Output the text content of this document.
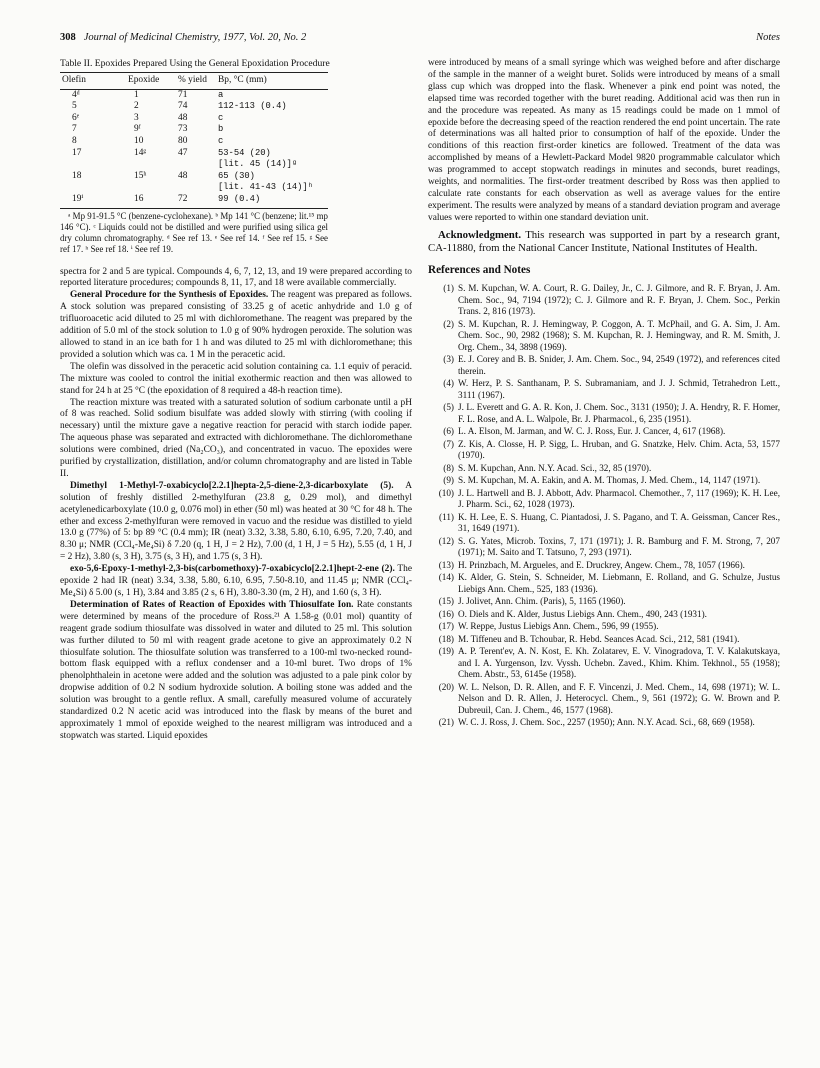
308 Journal of Medicinal Chemistry, 1977, Vol. 20, No. 2	Notes
Table II. Epoxides Prepared Using the General Epoxidation Procedure
Olefin	Epoxide	% yield	Bp, °C (mm)
4ᵈ	1	71	a
5	2	74	112-113 (0.4)
6ᵉ	3	48	c
7	9ᶠ	73	b
8	10	80	c
17	14ᵍ	47	53-54 (20)
			[lit. 45 (14)]ᵍ
18	15ʰ	48	65 (30)
			[lit. 41-43 (14)]ʰ
19ⁱ	16	72	99 (0.4)
ᵃ Mp 91-91.5 °C (benzene-cyclohexane). ᵇ Mp 141 °C (benzene; lit.¹⁵ mp 146 °C). ᶜ Liquids could not be distilled and were purified using silica gel dry column chromatography. ᵈ See ref 13. ᵉ See ref 14. ᶠ See ref 15. ᵍ See ref 17. ʰ See ref 18. ⁱ See ref 19.

spectra for 2 and 5 are typical. Compounds 4, 6, 7, 12, 13, and 19 were prepared according to reported literature procedures; compounds 8, 11, 17, and 18 were available commercially.

General Procedure for the Synthesis of Epoxides. The reagent was prepared as follows. A stock solution was prepared consisting of 33.25 g of acetic anhydride and 1.0 g of trifluoroacetic acid diluted to 25 ml with dichloromethane. The reagent was prepared by the addition of 5.0 ml of the stock solution to 1.0 g of 90% hydrogen peroxide. The solution was allowed to stand in an ice bath for 1 h and was diluted to 25 ml with dichloromethane; this provided a solution which was ca. 1 M in the peracetic acid.

The olefin was dissolved in the peracetic acid solution containing ca. 1.1 equiv of peracid. The mixture was cooled to control the initial exothermic reaction and then was allowed to stand for 24 h at 25 °C (the epoxidation of 8 required a 48-h reaction time).

The reaction mixture was treated with a saturated solution of sodium carbonate until a pH of 8 was reached. Solid sodium bisulfate was added slowly with stirring (with cooling if necessary) until the mixture gave a negative reaction for peracid with starch iodide paper. The aqueous phase was separated and extracted with dichloromethane. The dichloromethane solutions were combined, dried (Na₂CO₃), and concentrated in vacuo. The epoxides were purified by crystallization, distillation, and/or column chromatography and are listed in Table II.

Dimethyl 1-Methyl-7-oxabicyclo[2.2.1]hepta-2,5-diene-2,3-dicarboxylate (5). A solution of freshly distilled 2-methylfuran (23.8 g, 0.29 mol), and dimethyl acetylenedicarboxylate (10.0 g, 0.076 mol) in ether (50 ml) was heated at 30 °C for 48 h. The ether and excess 2-methylfuran were removed in vacuo and the residue was distilled to yield 13.0 g (77%) of 5: bp 89 °C (0.4 mm); IR (neat) 3.32, 3.38, 5.80, 6.10, 6.95, 7.20, 7.40, and 8.30 μ; NMR (CCl₄-Me₄Si) δ 7.20 (q, 1 H, J = 2 Hz), 7.00 (d, 1 H, J = 5 Hz), 5.55 (d, 1 H, J = 2 Hz), 3.80 (s, 3 H), 3.75 (s, 3 H), and 1.75 (s, 3 H).

exo-5,6-Epoxy-1-methyl-2,3-bis(carbomethoxy)-7-oxabicyclo[2.2.1]hept-2-ene (2). The epoxide 2 had IR (neat) 3.34, 3.38, 5.80, 6.10, 6.95, 7.50-8.10, and 11.45 μ; NMR (CCl₄-Me₄Si) δ 5.00 (s, 1 H), 3.84 and 3.85 (2 s, 6 H), 3.80-3.30 (m, 2 H), and 1.60 (s, 3 H).

Determination of Rates of Reaction of Epoxides with Thiosulfate Ion. Rate constants were determined by means of the procedure of Ross.²¹ A 1.58-g (0.01 mol) quantity of reagent grade sodium thiosulfate was dissolved in water and diluted to 25 ml. This solution was further diluted to 50 ml with reagent grade acetone to give an approximately 0.2 N thiosulfate solution. The thiosulfate solution was transferred to a 100-ml two-necked round-bottom flask equipped with a reflux condenser and a 10-ml buret. Two drops of 1% phenolphthalein in acetone were added and the solution was adjusted to a pale pink color by dropwise addition of 0.2 N sodium hydroxide solution. A boiling stone was added and the solution was brought to a gentle reflux. A small, carefully measured volume of accurately standardized 0.2 N acetic acid was introduced into the flask by means of the buret and approximately 1 mmol of epoxide weighed to the nearest milligram was introduced and a stopwatch was started. Liquid epoxides

were introduced by means of a small syringe which was weighed before and after discharge of the sample in the manner of a weight buret. Solids were introduced by means of a small glass cup which was dropped into the flask. Whenever a pink end point was noted, the elapsed time was recorded together with the buret reading. Additional acid was then run in and the procedure was repeated. As many as 15 readings could be made on 1 mmol of epoxide before the decreasing speed of the reaction rendered the end point uncertain. The rate of determinations was all halted prior to consumption of half of the epoxide. Under the conditions of this reaction first-order kinetics are followed. Treatment of the data was accomplished by means of a Hewlett-Packard Model 9820 programmable calculator which was programmed to accept stopwatch readings in minutes and seconds, buret readings, weights, and normalities. The first-order treatment described by Ross was then applied to calculate rate constants for each observation as well as average values for the entire experiment. The results were analyzed by means of a standard deviation program and average values were reported to within one standard deviation unit.

Acknowledgment. This research was supported in part by a research grant, CA-11880, from the National Cancer Institute, National Institutes of Health.

References and Notes
(1) S. M. Kupchan, W. A. Court, R. G. Dailey, Jr., C. J. Gilmore, and R. F. Bryan, J. Am. Chem. Soc., 94, 7194 (1972); C. J. Gilmore and R. F. Bryan, J. Chem. Soc., Perkin Trans. 2, 816 (1973).
(2) S. M. Kupchan, R. J. Hemingway, P. Coggon, A. T. McPhail, and G. A. Sim, J. Am. Chem. Soc., 90, 2982 (1968); S. M. Kupchan, R. J. Hemingway, and R. M. Smith, J. Org. Chem., 34, 3898 (1969).
(3) E. J. Corey and B. B. Snider, J. Am. Chem. Soc., 94, 2549 (1972), and references cited therein.
(4) W. Herz, P. S. Santhanam, P. S. Subramaniam, and J. J. Schmid, Tetrahedron Lett., 3111 (1967).
(5) J. L. Everett and G. A. R. Kon, J. Chem. Soc., 3131 (1950); J. A. Hendry, R. F. Homer, F. L. Rose, and A. L. Walpole, Br. J. Pharmacol., 6, 235 (1951).
(6) L. A. Elson, M. Jarman, and W. C. J. Ross, Eur. J. Cancer, 4, 617 (1968).
(7) Z. Kis, A. Closse, H. P. Sigg, L. Hruban, and G. Snatzke, Helv. Chim. Acta, 53, 1577 (1970).
(8) S. M. Kupchan, Ann. N.Y. Acad. Sci., 32, 85 (1970).
(9) S. M. Kupchan, M. A. Eakin, and A. M. Thomas, J. Med. Chem., 14, 1147 (1971).
(10) J. L. Hartwell and B. J. Abbott, Adv. Pharmacol. Chemother., 7, 117 (1969); K. H. Lee, J. Pharm. Sci., 62, 1028 (1973).
(11) K. H. Lee, E. S. Huang, C. Piantadosi, J. S. Pagano, and T. A. Geissman, Cancer Res., 31, 1649 (1971).
(12) S. G. Yates, Microb. Toxins, 7, 171 (1971); J. R. Bamburg and F. M. Strong, 7, 207 (1971); M. Saito and T. Tatsuno, 7, 293 (1971).
(13) H. Prinzbach, M. Argueles, and E. Druckrey, Angew. Chem., 78, 1057 (1966).
(14) K. Alder, G. Stein, S. Schneider, M. Liebmann, E. Rolland, and G. Schulze, Justus Liebigs Ann. Chem., 525, 183 (1936).
(15) J. Jolivet, Ann. Chim. (Paris), 5, 1165 (1960).
(16) O. Diels and K. Alder, Justus Liebigs Ann. Chem., 490, 243 (1931).
(17) W. Reppe, Justus Liebigs Ann. Chem., 596, 99 (1955).
(18) M. Tiffeneu and B. Tchoubar, R. Hebd. Seances Acad. Sci., 212, 581 (1941).
(19) A. P. Terent'ev, A. N. Kost, E. Kh. Zolatarev, E. V. Vinogradova, T. V. Kalakutskaya, and I. A. Yurgenson, Izv. Vyssh. Uchebn. Zaved., Khim. Khim. Tekhnol., 55 (1958); Chem. Abstr., 53, 6145e (1958).
(20) W. L. Nelson, D. R. Allen, and F. F. Vincenzi, J. Med. Chem., 14, 698 (1971); W. L. Nelson and D. R. Allen, J. Heterocycl. Chem., 9, 561 (1972); G. W. Brown and P. Dubreuil, Can. J. Chem., 46, 1577 (1968).
(21) W. C. J. Ross, J. Chem. Soc., 2257 (1950); Ann. N.Y. Acad. Sci., 68, 669 (1958).
